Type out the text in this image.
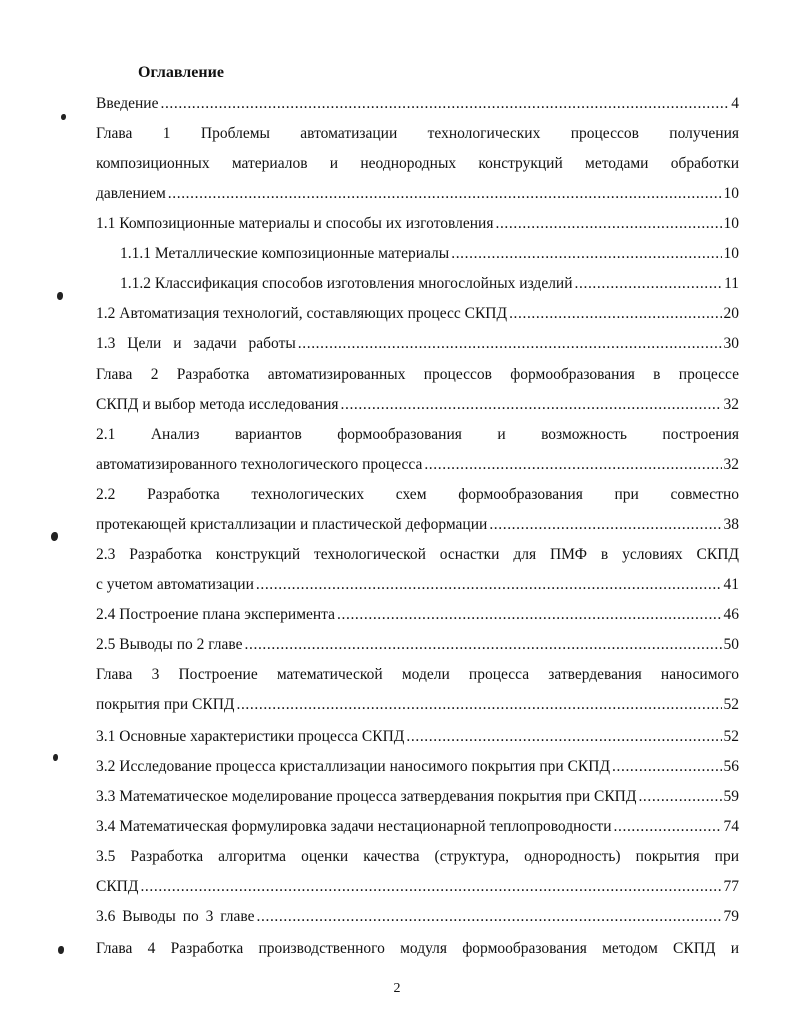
Оглавление
Введение .....	4
Глава 1 Проблемы автоматизации технологических процессов получения
композиционных материалов и неоднородных конструкций методами обработки
давлением .....	10
1.1 Композиционные материалы и способы их изготовления .....	10
1.1.1 Металлические композиционные материалы .....	10
1.1.2 Классификация способов изготовления многослойных изделий .....	11
1.2 Автоматизация технологий, составляющих процесс СКПД .....	20
1.3 Цели и задачи работы .....	30
Глава 2 Разработка автоматизированных процессов формообразования в процессе
СКПД и выбор метода исследования .....	32
2.1 Анализ вариантов формообразования и возможность построения
автоматизированного технологического процесса .....	32
2.2 Разработка технологических схем формообразования при совместно
протекающей кристаллизации и пластической деформации .....	38
2.3 Разработка конструкций технологической оснастки для ПМФ в условиях СКПД
с учетом автоматизации .....	41
2.4 Построение плана эксперимента .....	46
2.5 Выводы по 2 главе .....	50
Глава 3 Построение математической модели процесса затвердевания наносимого
покрытия при СКПД .....	52
3.1 Основные характеристики процесса СКПД .....	52
3.2 Исследование процесса кристаллизации наносимого покрытия при СКПД .....	56
3.3 Математическое моделирование процесса затвердевания покрытия при СКПД .....	59
3.4 Математическая формулировка задачи нестационарной теплопроводности .....	74
3.5 Разработка алгоритма оценки качества (структура, однородность) покрытия при
СКПД .....	77
3.6 Выводы по 3 главе .....	79
Глава 4 Разработка производственного модуля формообразования методом СКПД и
2
